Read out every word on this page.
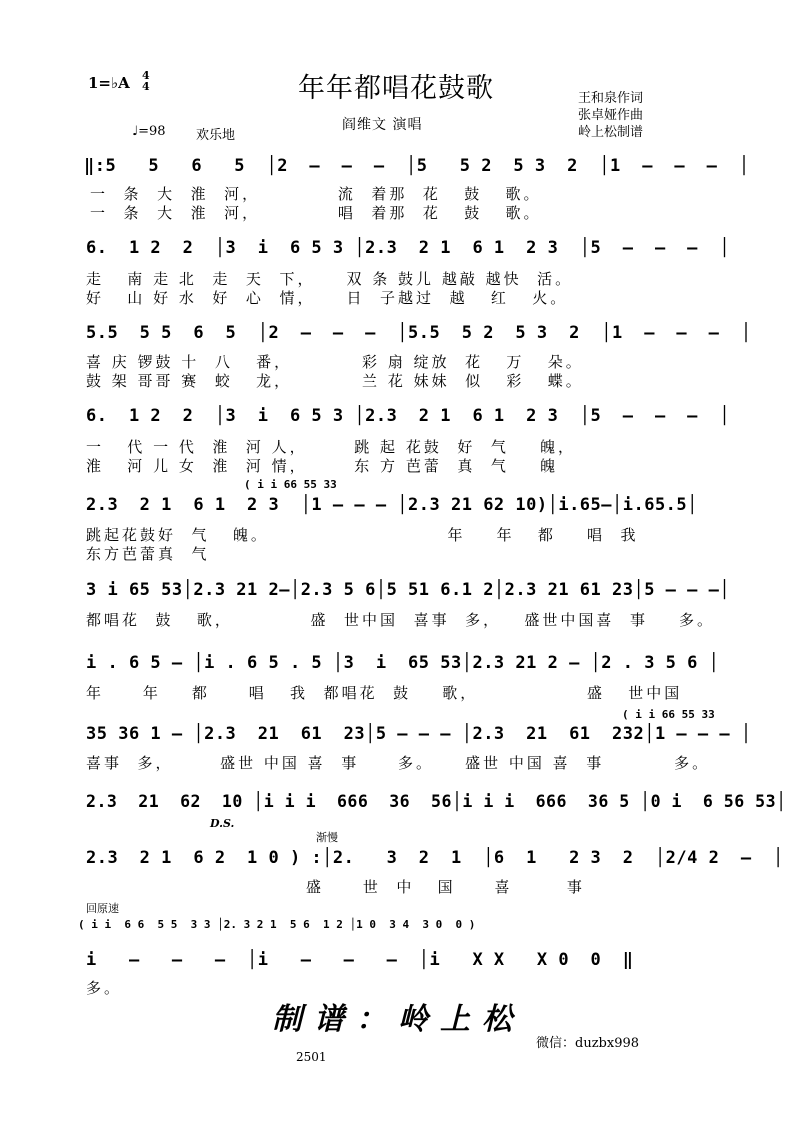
1=♭A 4
4	年年都唱花鼓歌	王和泉作词
张卓娅作曲
岭上松制谱
阎维文 演唱
♩=98 欢乐地
‖:5   5   6   5  │2  –  –  –  │5   5 2  5 3  2  │1  –  –  –  │
一  条  大  淮  河，          流  着那  花   鼓   歌。
一  条  大  淮  河，          唱  着那  花   鼓   歌。
6.  1 2  2  │3  i  6 5 3 │2.3  2 1  6 1  2 3  │5  –  –  –  │
走   南 走 北  走  天  下，    双 条 鼓儿 越敲 越快  活。
好   山 好 水  好  心  情，    日  子越过  越   红   火。
5.5  5 5  6  5  │2  –  –  –  │5.5  5 2  5 3  2  │1  –  –  –  │
喜 庆 锣鼓 十  八   番，         彩 扇 绽放  花   万   朵。
鼓 架 哥哥 赛  蛟   龙，         兰 花 妹妹  似   彩   蝶。
6.  1 2  2  │3  i  6 5 3 │2.3  2 1  6 1  2 3  │5  –  –  –  │
一   代 一 代  淮  河 人，      跳 起 花鼓  好  气    魄，
淮   河 儿 女  淮  河 情，      东 方 芭蕾  真  气    魄
( i i 66 55 33
2.3  2 1  6 1  2 3  │1 – – – │2.3 21 62 10)│i.65–│i.65.5│
跳起花鼓好  气   魄。                       年    年   都    唱  我
东方芭蕾真  气
3 i 65 53│2.3 21 2–│2.3 5 6│5 51 6.1 2│2.3 21 61 23│5 – – –│
都唱花  鼓   歌，          盛  世中国  喜事  多，   盛世中国喜  事    多。
i . 6 5 – │i . 6 5 . 5 │3  i  65 53│2.3 21 2 – │2 . 3 5 6 │
年     年    都     唱   我  都唱花  鼓    歌，              盛   世中国
( i i 66 55 33
35 36 1 – │2.3  21  61  23│5 – – – │2.3  21  61  232│1 – – – │
喜事  多，      盛世 中国 喜  事     多。    盛世 中国 喜  事         多。
2.3  21  62  10 │i i i  666  36  56│i i i  666  36 5 │0 i  6 56 53│
D.S.
渐慢
2.3  2 1  6 2  1 0 ) :│2.   3  2  1  │6  1   2 3  2  │2/4 2  –  │
盛     世  中   国     喜       事
回原速
( i i  6 6  5 5  3 3 │2. 3 2 1  5 6  1 2 │1 0  3 4  3 0  0 )
i   –   –   –  │i   –   –   –  │i   X X   X 0  0  ‖
多。
制谱：岭上松
微信：duzbx998
2501
